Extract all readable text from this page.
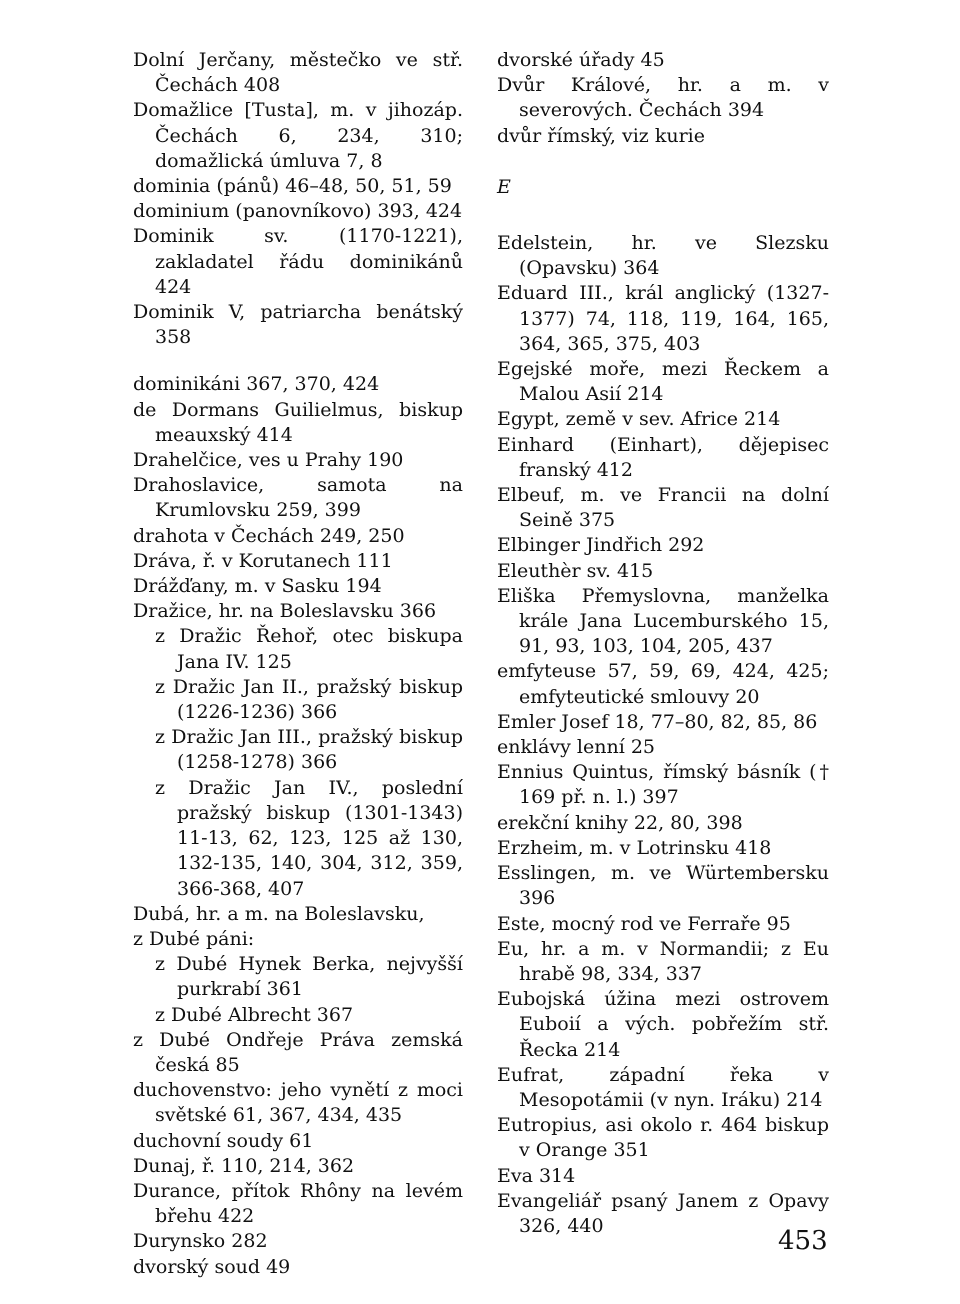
Dolní Jerčany, městečko ve stř. Čechách 408

Domažlice [Tusta], m. v jihozáp. Čechách 6, 234, 310; domažlická úmluva 7, 8

dominia (pánů) 46–48, 50, 51, 59

dominium (panovníkovo) 393, 424

Dominik sv. (1170-1221), zakladatel řádu dominikánů 424

Dominik V, patriarcha benátský 358

dominikáni 367, 370, 424

de Dormans Guilielmus, biskup meauxský 414

Drahelčice, ves u Prahy 190

Drahoslavice, samota na Krumlovsku 259, 399

drahota v Čechách 249, 250

Dráva, ř. v Korutanech 111

Drážďany, m. v Sasku 194

Dražice, hr. na Boleslavsku 366

z Dražic Řehoř, otec biskupa Jana IV. 125

z Dražic Jan II., pražský biskup (1226-1236) 366

z Dražic Jan III., pražský biskup (1258-1278) 366

z Dražic Jan IV., poslední pražský biskup (1301-1343) 11-13, 62, 123, 125 až 130, 132-135, 140, 304, 312, 359, 366-368, 407

Dubá, hr. a m. na Boleslavsku,

z Dubé páni:

z Dubé Hynek Berka, nejvyšší purkrabí 361

z Dubé Albrecht 367

z Dubé Ondřeje Práva zemská česká 85

duchovenstvo: jeho vynětí z moci světské 61, 367, 434, 435

duchovní soudy 61

Dunaj, ř. 110, 214, 362

Durance, přítok Rhôny na levém břehu 422

Durynsko 282

dvorský soud 49

dvorské úřady 45

Dvůr Králové, hr. a m. v severových. Čechách 394

dvůr římský, viz kurie

E

Edelstein, hr. ve Slezsku (Opavsku) 364

Eduard III., král anglický (1327-1377) 74, 118, 119, 164, 165, 364, 365, 375, 403

Egejské moře, mezi Řeckem a Malou Asií 214

Egypt, země v sev. Africe 214

Einhard (Einhart), dějepisec franský 412

Elbeuf, m. ve Francii na dolní Seině 375

Elbinger Jindřich 292

Eleuthèr sv. 415

Eliška Přemyslovna, manželka krále Jana Lucemburského 15, 91, 93, 103, 104, 205, 437

emfyteuse 57, 59, 69, 424, 425; emfyteutické smlouvy 20

Emler Josef 18, 77–80, 82, 85, 86

enklávy lenní 25

Ennius Quintus, římský básník († 169 př. n. l.) 397

erekční knihy 22, 80, 398

Erzheim, m. v Lotrinsku 418

Esslingen, m. ve Würtembersku 396

Este, mocný rod ve Ferraře 95

Eu, hr. a m. v Normandii; z Eu hrabě 98, 334, 337

Eubojská úžina mezi ostrovem Euboií a vých. pobřežím stř. Řecka 214

Eufrat, západní řeka v Mesopotámii (v nyn. Iráku) 214

Eutropius, asi okolo r. 464 biskup v Orange 351

Eva 314

Evangeliář psaný Janem z Opavy 326, 440

453
